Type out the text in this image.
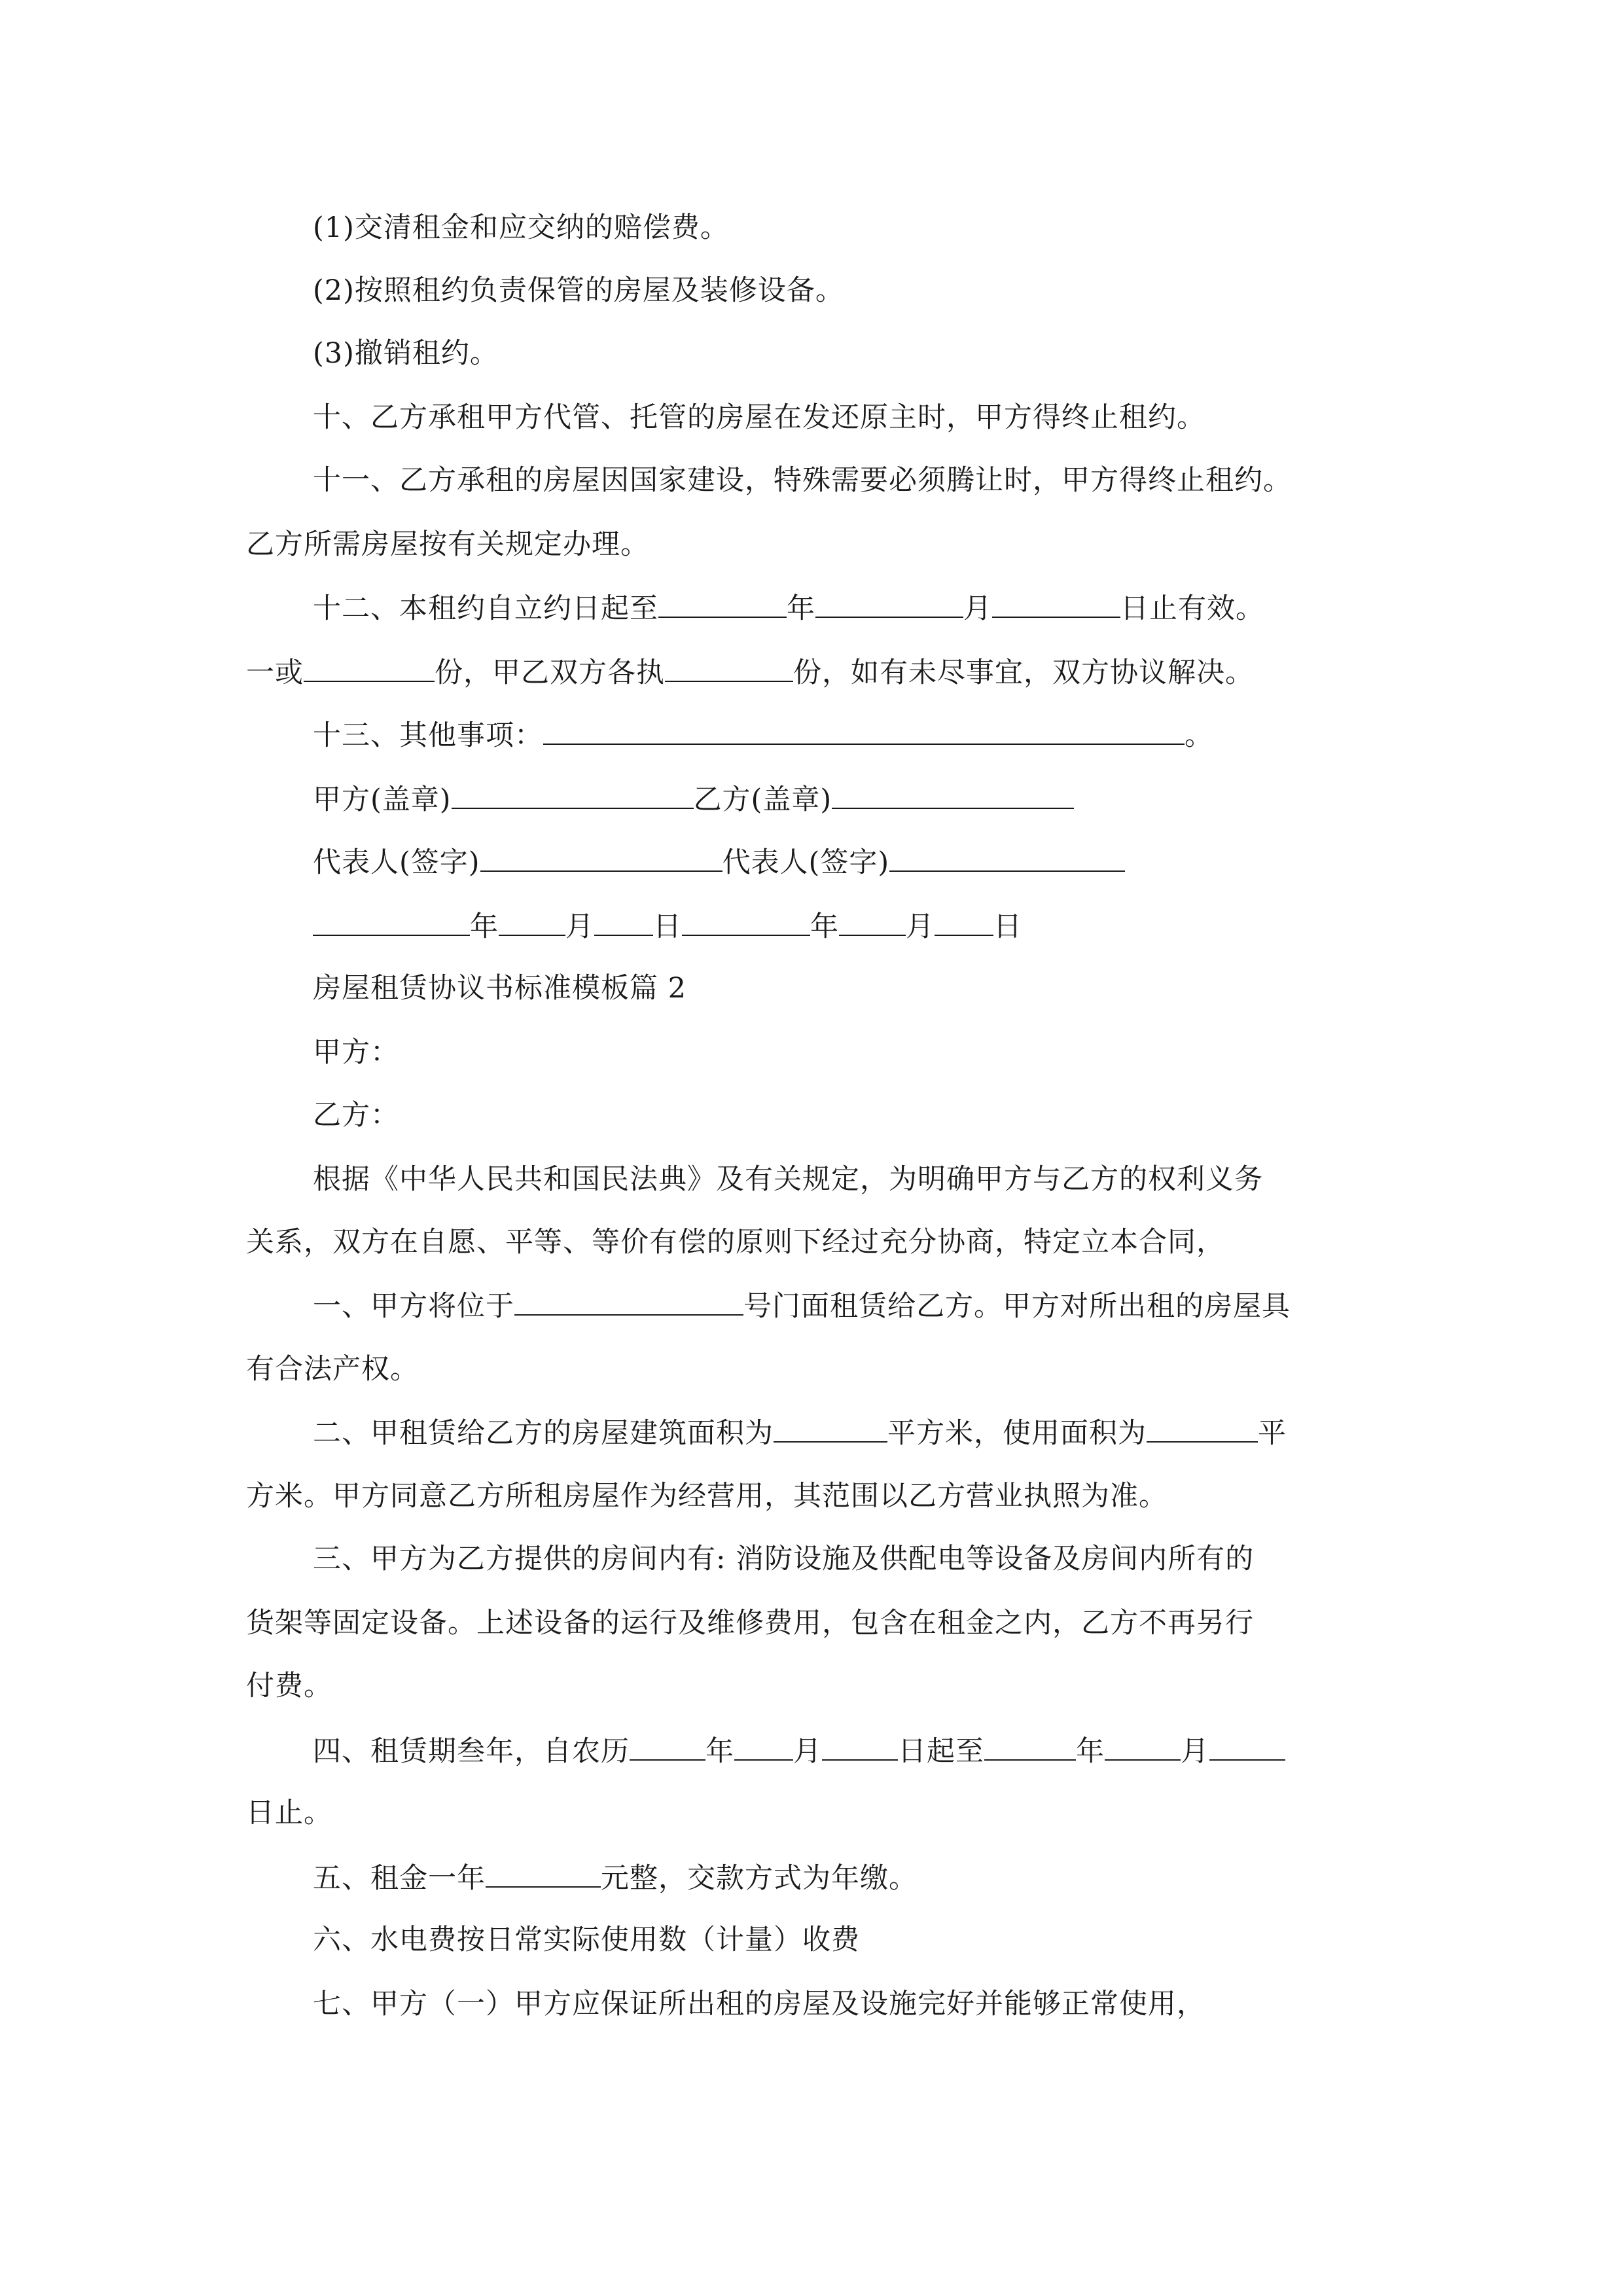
(1)交清租金和应交纳的赔偿费。
(2)按照租约负责保管的房屋及装修设备。
(3)撤销租约。
十、乙方承租甲方代管、托管的房屋在发还原主时，甲方得终止租约。
十一、乙方承租的房屋因国家建设，特殊需要必须腾让时，甲方得终止租约。
乙方所需房屋按有关规定办理。
十二、本租约自立约日起至	年	月	日止有效。
一或	份，甲乙双方各执	份，如有未尽事宜，双方协议解决。
十三、其他事项：	。
甲方(盖章)	乙方(盖章)
代表人(签字)	代表人(签字)
年 月 日	年 月 日
房屋租赁协议书标准模板篇 2
甲方：
乙方：
根据《中华人民共和国民法典》及有关规定，为明确甲方与乙方的权利义务
关系，双方在自愿、平等、等价有偿的原则下经过充分协商，特定立本合同，
一、甲方将位于	号门面租赁给乙方。甲方对所出租的房屋具
有合法产权。
二、甲租赁给乙方的房屋建筑面积为	平方米，使用面积为	平
方米。甲方同意乙方所租房屋作为经营用，其范围以乙方营业执照为准。
三、甲方为乙方提供的房间内有: 消防设施及供配电等设备及房间内所有的
货架等固定设备。上述设备的运行及维修费用，包含在租金之内，乙方不再另行
付费。
四、租赁期叁年，自农历	年 月	日起至	年	月
日止。
五、租金一年	元整，交款方式为年缴。
六、水电费按日常实际使用数（计量）收费
七、甲方（一）甲方应保证所出租的房屋及设施完好并能够正常使用，
